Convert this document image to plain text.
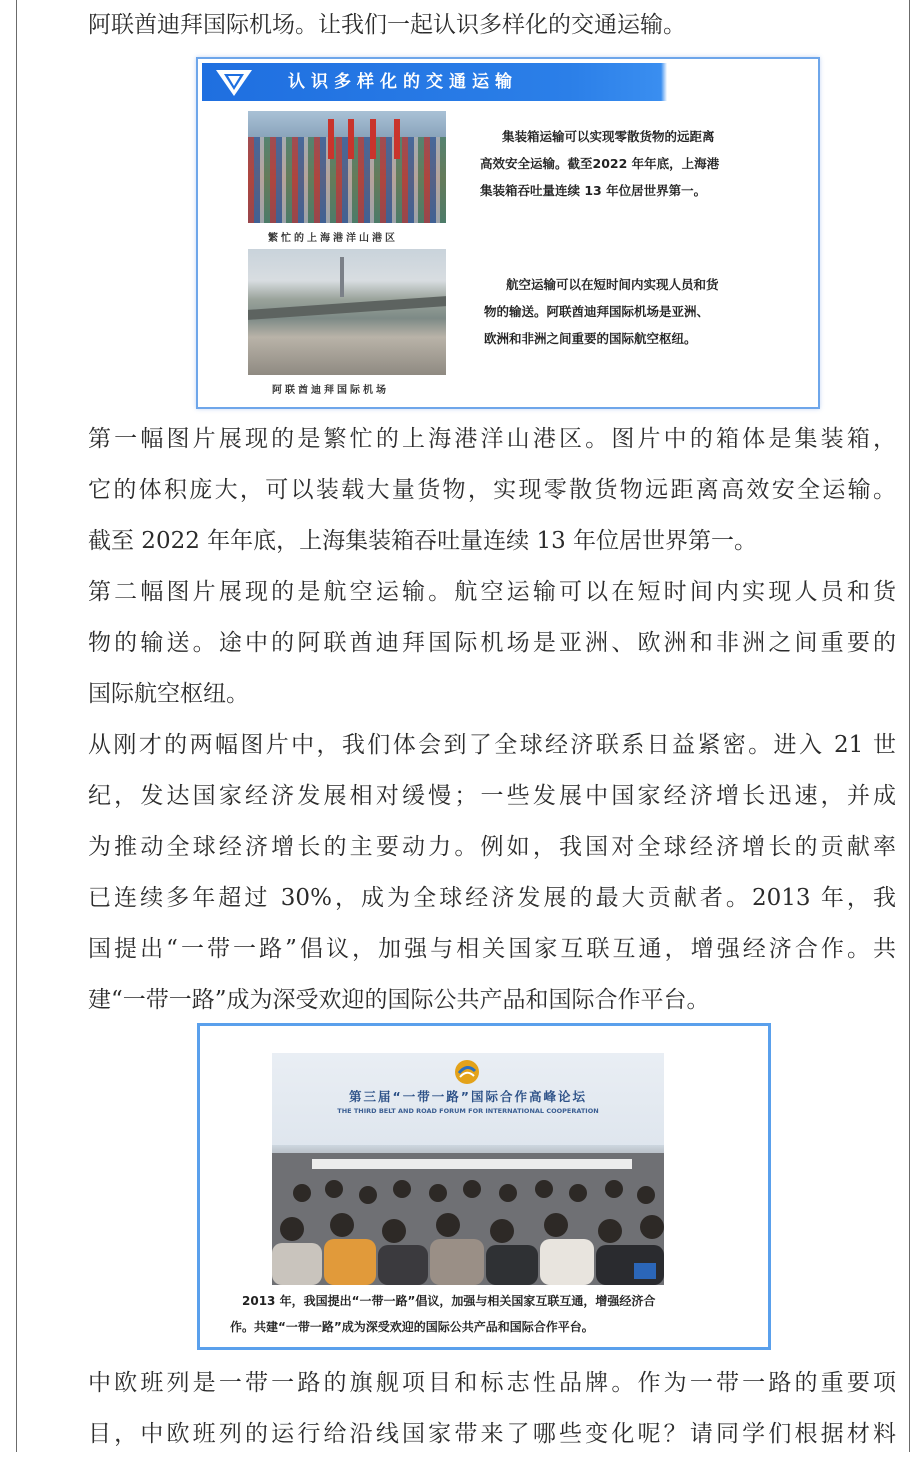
阿联酋迪拜国际机场。让我们一起认识多样化的交通运输。
认识多样化的交通运输
繁忙的上海港洋山港区
集装箱运输可以实现零散货物的远距离
高效安全运输。截至2022 年年底，上海港
集装箱吞吐量连续 13 年位居世界第一。
阿联酋迪拜国际机场
航空运输可以在短时间内实现人员和货
物的输送。阿联酋迪拜国际机场是亚洲、
欧洲和非洲之间重要的国际航空枢纽。
第一幅图片展现的是繁忙的上海港洋山港区。图片中的箱体是集装箱，
它的体积庞大，可以装载大量货物，实现零散货物远距离高效安全运输。
截至 2022 年年底，上海集装箱吞吐量连续 13 年位居世界第一。
第二幅图片展现的是航空运输。航空运输可以在短时间内实现人员和货
物的输送。途中的阿联酋迪拜国际机场是亚洲、欧洲和非洲之间重要的
国际航空枢纽。
从刚才的两幅图片中，我们体会到了全球经济联系日益紧密。进入 21 世
纪，发达国家经济发展相对缓慢；一些发展中国家经济增长迅速，并成
为推动全球经济增长的主要动力。例如，我国对全球经济增长的贡献率
已连续多年超过 30%，成为全球经济发展的最大贡献者。2013 年，我
国提出“一带一路”倡议，加强与相关国家互联互通，增强经济合作。共
建“一带一路”成为深受欢迎的国际公共产品和国际合作平台。
第三届“一带一路”国际合作高峰论坛
THE THIRD BELT AND ROAD FORUM FOR INTERNATIONAL COOPERATION
2013 年，我国提出“一带一路”倡议，加强与相关国家互联互通，增强经济合
作。共建“一带一路”成为深受欢迎的国际公共产品和国际合作平台。
中欧班列是一带一路的旗舰项目和标志性品牌。作为一带一路的重要项
目，中欧班列的运行给沿线国家带来了哪些变化呢？请同学们根据材料
